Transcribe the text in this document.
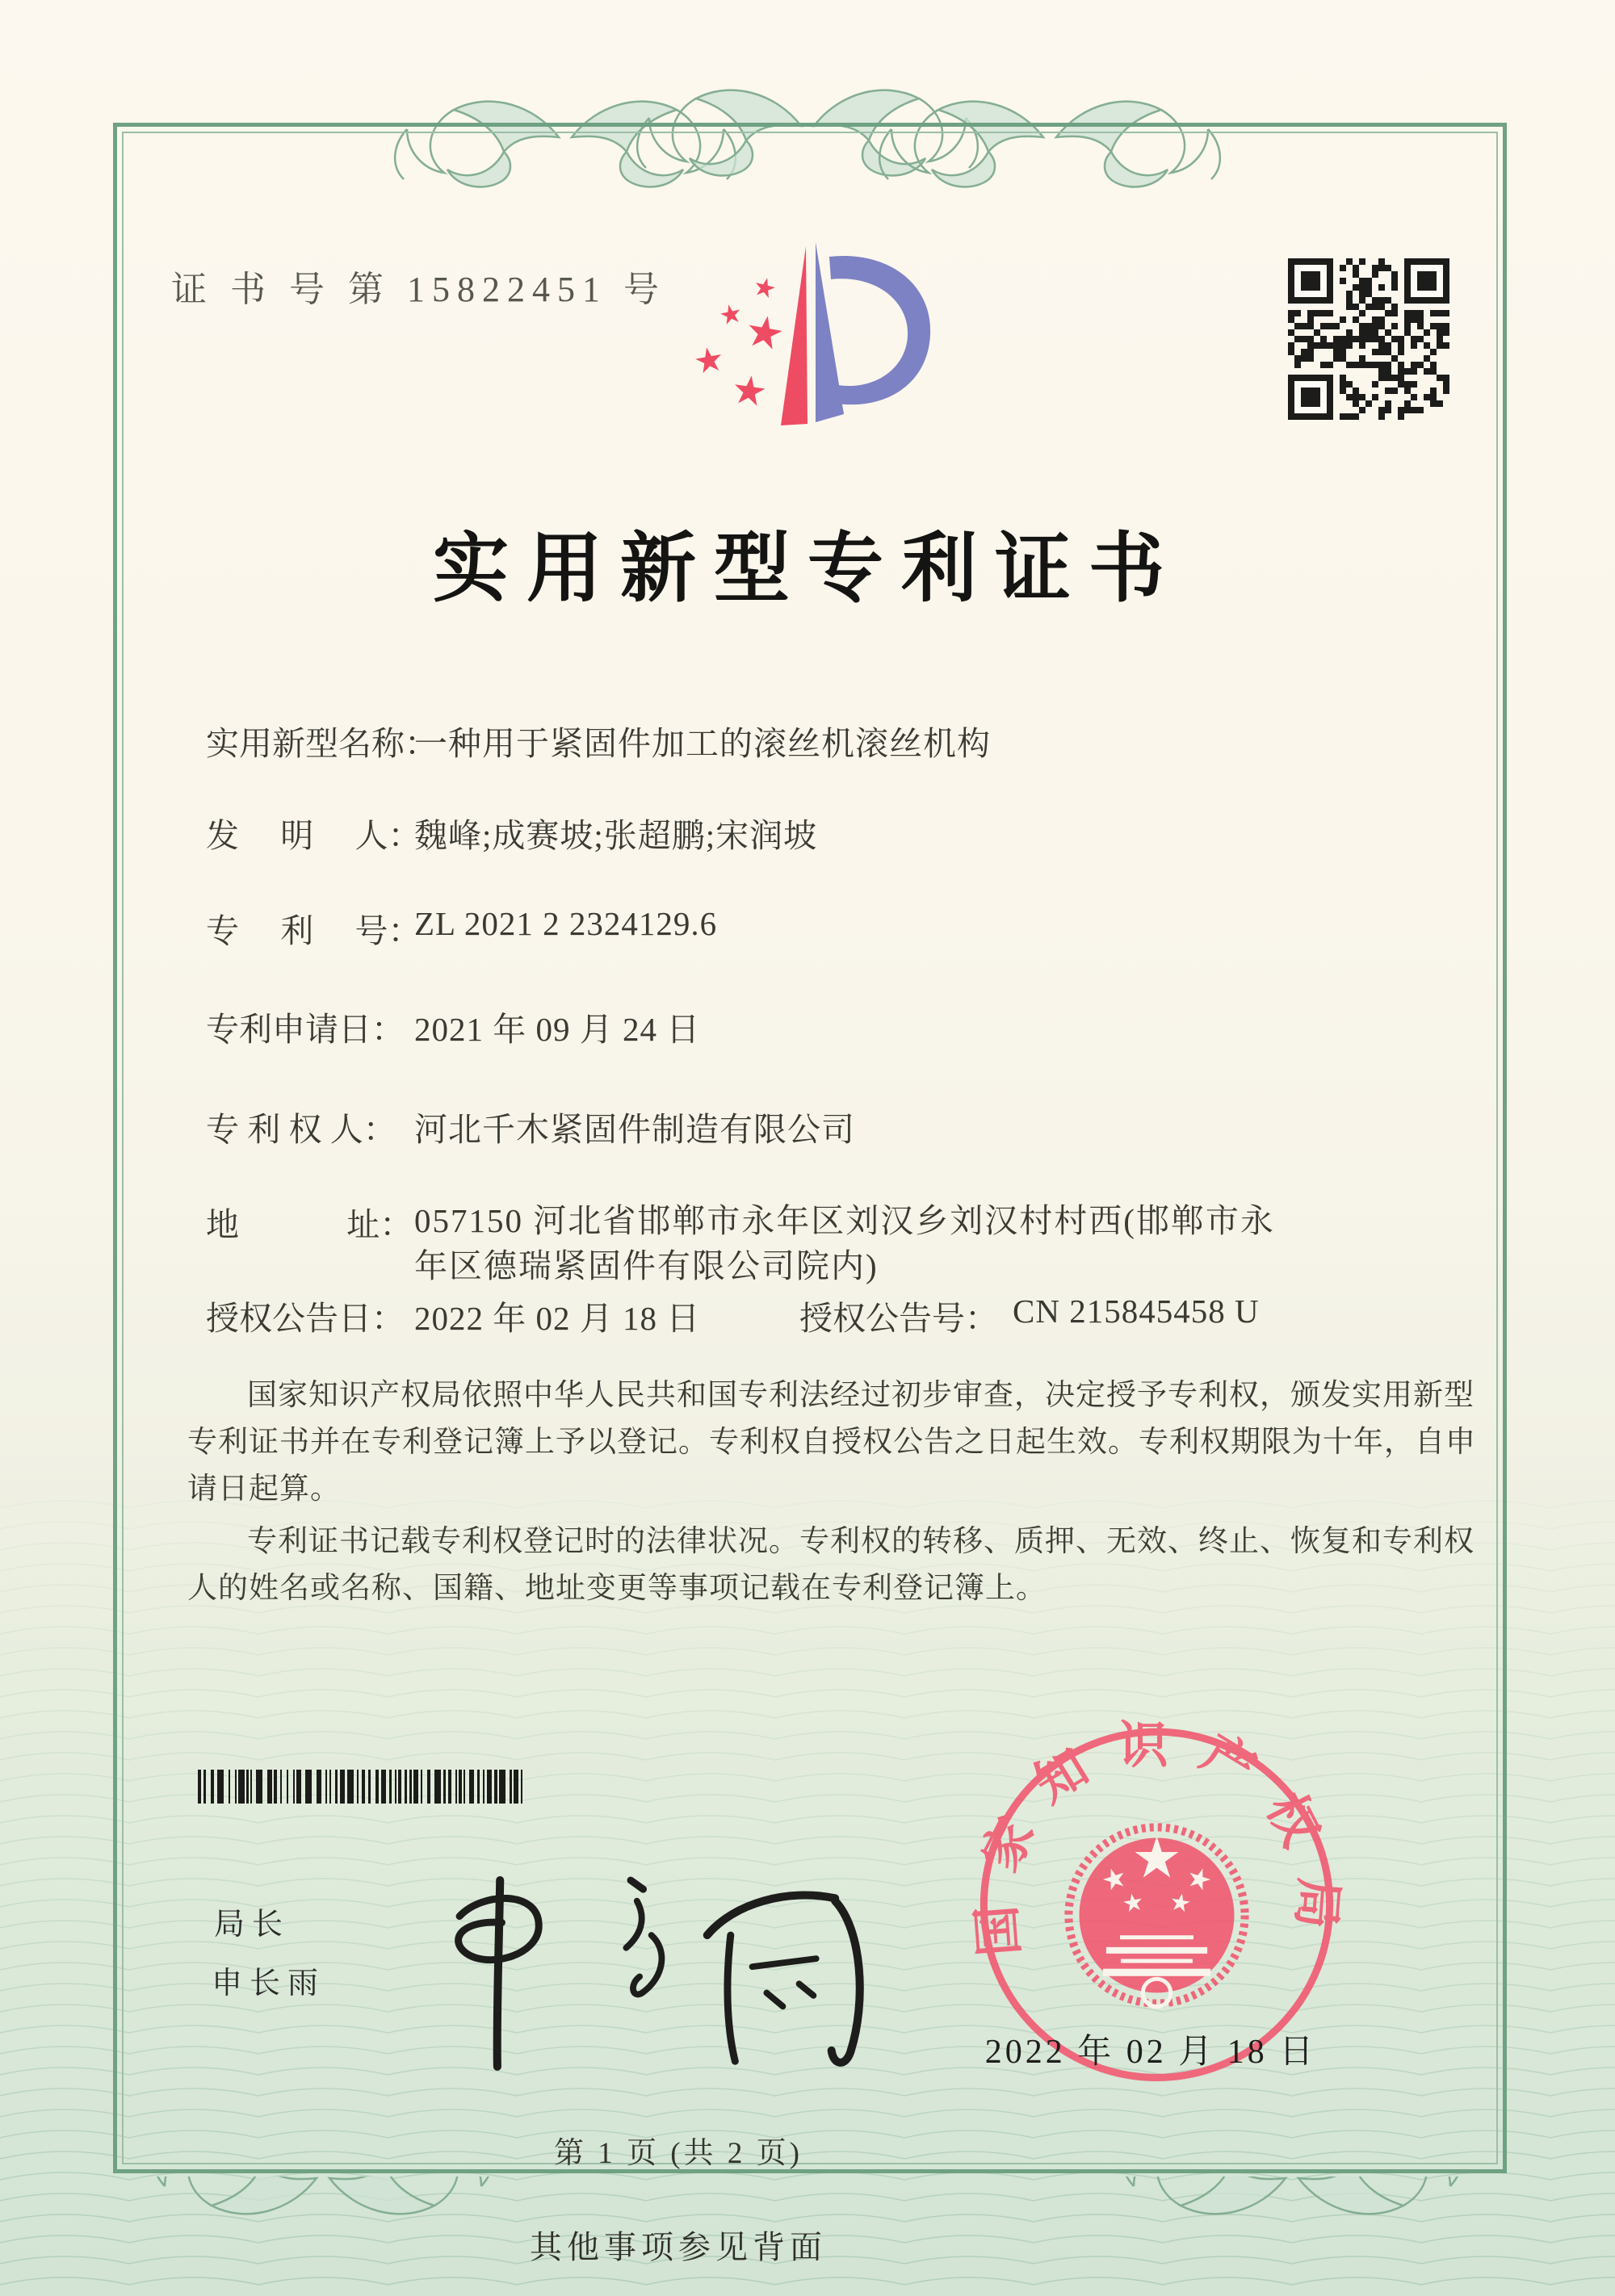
证 书 号 第 15822451 号
实用新型专利证书
实用新型名称：一种用于紧固件加工的滚丝机滚丝机构
发　 明　 人：魏峰;成赛坡;张超鹏;宋润坡
专　 利　 号：ZL 2021 2 2324129.6
专利申请日： 2021 年 09 月 24 日
专 利 权 人： 河北千木紧固件制造有限公司
地　　　 址：057150 河北省邯郸市永年区刘汉乡刘汉村村西(邯郸市永年区德瑞紧固件有限公司院内)
授权公告日： 2022 年 02 月 18 日	授权公告号： CN 215845458 U

国家知识产权局依照中华人民共和国专利法经过初步审查，决定授予专利权，颁发实用新型专利证书并在专利登记簿上予以登记。专利权自授权公告之日起生效。专利权期限为十年，自申请日起算。

专利证书记载专利权登记时的法律状况。专利权的转移、质押、无效、终止、恢复和专利权人的姓名或名称、国籍、地址变更等事项记载在专利登记簿上。

局长
申长雨
国家知识产权局
2022 年 02 月 18 日
第 1 页 (共 2 页)
其他事项参见背面
